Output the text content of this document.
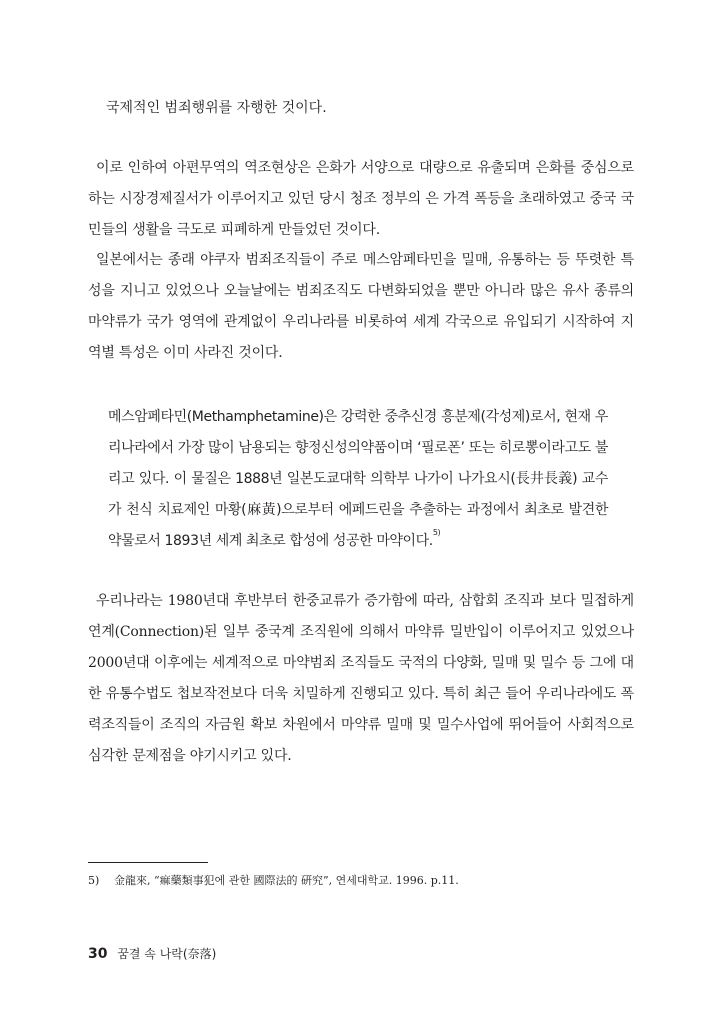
국제적인 범죄행위를 자행한 것이다.

이로 인하여 아편무역의 역조현상은 은화가 서양으로 대량으로 유출되며 은화를 중심으로 하는 시장경제질서가 이루어지고 있던 당시 청조 정부의 은 가격 폭등을 초래하였고 중국 국민들의 생활을 극도로 피폐하게 만들었던 것이다.

일본에서는 종래 야쿠자 범죄조직들이 주로 메스암페타민을 밀매, 유통하는 등 뚜렷한 특성을 지니고 있었으나 오늘날에는 범죄조직도 다변화되었을 뿐만 아니라 많은 유사 종류의 마약류가 국가 영역에 관계없이 우리나라를 비롯하여 세계 각국으로 유입되기 시작하여 지역별 특성은 이미 사라진 것이다.

메스암페타민(Methamphetamine)은 강력한 중추신경 흥분제(각성제)로서, 현재 우리나라에서 가장 많이 남용되는 향정신성의약품이며 ‘필로폰’ 또는 히로뽕이라고도 불리고 있다. 이 물질은 1888년 일본도쿄대학 의학부 나가이 나가요시(長井長義) 교수가 천식 치료제인 마황(麻黃)으로부터 에페드린을 추출하는 과정에서 최초로 발견한 약물로서 1893년 세계 최초로 합성에 성공한 마약이다.$^{5)}$

우리나라는 1980년대 후반부터 한중교류가 증가함에 따라, 삼합회 조직과 보다 밀접하게 연계(Connection)된 일부 중국계 조직원에 의해서 마약류 밀반입이 이루어지고 있었으나 2000년대 이후에는 세계적으로 마약범죄 조직들도 국적의 다양화, 밀매 및 밀수 등 그에 대한 유통수법도 첩보작전보다 더욱 치밀하게 진행되고 있다. 특히 최근 들어 우리나라에도 폭력조직들이 조직의 자금원 확보 차원에서 마약류 밀매 및 밀수사업에 뛰어들어 사회적으로 심각한 문제점을 야기시키고 있다.

5) 金龍來, “痲藥類事犯에 관한 國際法的 硏究”, 연세대학교. 1996. p.11.

30 꿈결 속 나락(奈落)
